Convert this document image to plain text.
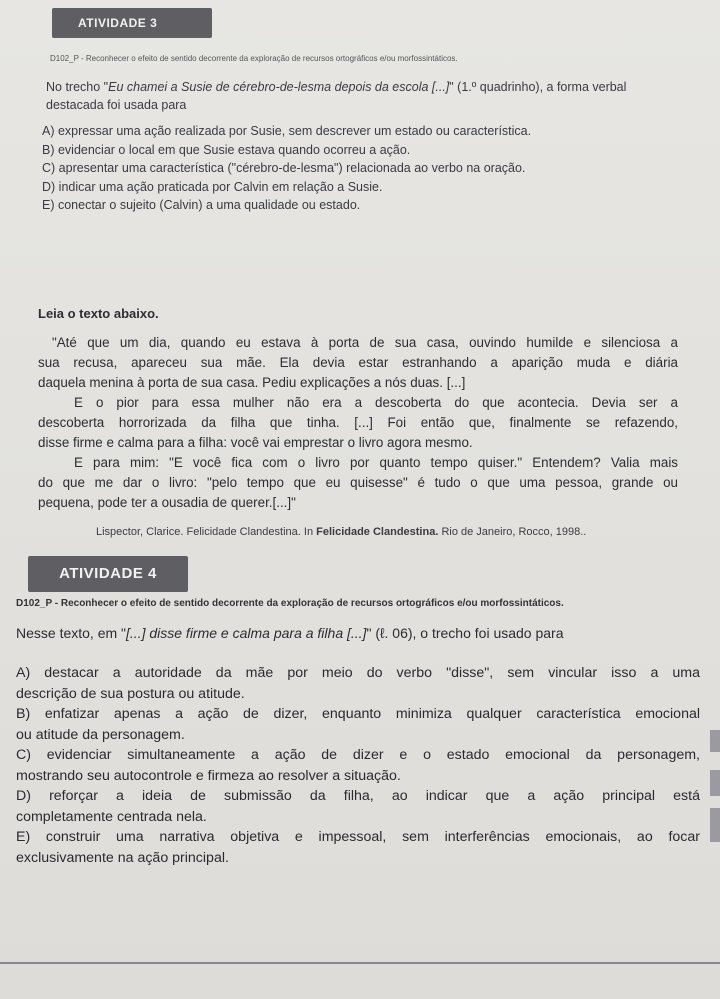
ATIVIDADE 3
D102_P - Reconhecer o efeito de sentido decorrente da exploração de recursos ortográficos e/ou morfossintáticos.
No trecho "Eu chamei a Susie de cérebro-de-lesma depois da escola [...]" (1.º quadrinho), a forma verbal destacada foi usada para
A) expressar uma ação realizada por Susie, sem descrever um estado ou característica.
B) evidenciar o local em que Susie estava quando ocorreu a ação.
C) apresentar uma característica ("cérebro-de-lesma") relacionada ao verbo na oração.
D) indicar uma ação praticada por Calvin em relação a Susie.
E) conectar o sujeito (Calvin) a uma qualidade ou estado.
Leia o texto abaixo.
"Até que um dia, quando eu estava à porta de sua casa, ouvindo humilde e silenciosa a
sua recusa, apareceu sua mãe. Ela devia estar estranhando a aparição muda e diária
daquela menina à porta de sua casa. Pediu explicações a nós duas. [...]
E o pior para essa mulher não era a descoberta do que acontecia. Devia ser a
descoberta horrorizada da filha que tinha. [...] Foi então que, finalmente se refazendo,
disse firme e calma para a filha: você vai emprestar o livro agora mesmo.
E para mim: "E você fica com o livro por quanto tempo quiser." Entendem? Valia mais
do que me dar o livro: "pelo tempo que eu quisesse" é tudo o que uma pessoa, grande ou
pequena, pode ter a ousadia de querer.[...]"
Lispector, Clarice. Felicidade Clandestina. In Felicidade Clandestina. Rio de Janeiro, Rocco, 1998..
ATIVIDADE 4
D102_P - Reconhecer o efeito de sentido decorrente da exploração de recursos ortográficos e/ou morfossintáticos.
Nesse texto, em "[...] disse firme e calma para a filha [...]" (ℓ. 06), o trecho foi usado para
A) destacar a autoridade da mãe por meio do verbo "disse", sem vincular isso a uma
descrição de sua postura ou atitude.
B) enfatizar apenas a ação de dizer, enquanto minimiza qualquer característica emocional
ou atitude da personagem.
C) evidenciar simultaneamente a ação de dizer e o estado emocional da personagem,
mostrando seu autocontrole e firmeza ao resolver a situação.
D) reforçar a ideia de submissão da filha, ao indicar que a ação principal está
completamente centrada nela.
E) construir uma narrativa objetiva e impessoal, sem interferências emocionais, ao focar
exclusivamente na ação principal.
